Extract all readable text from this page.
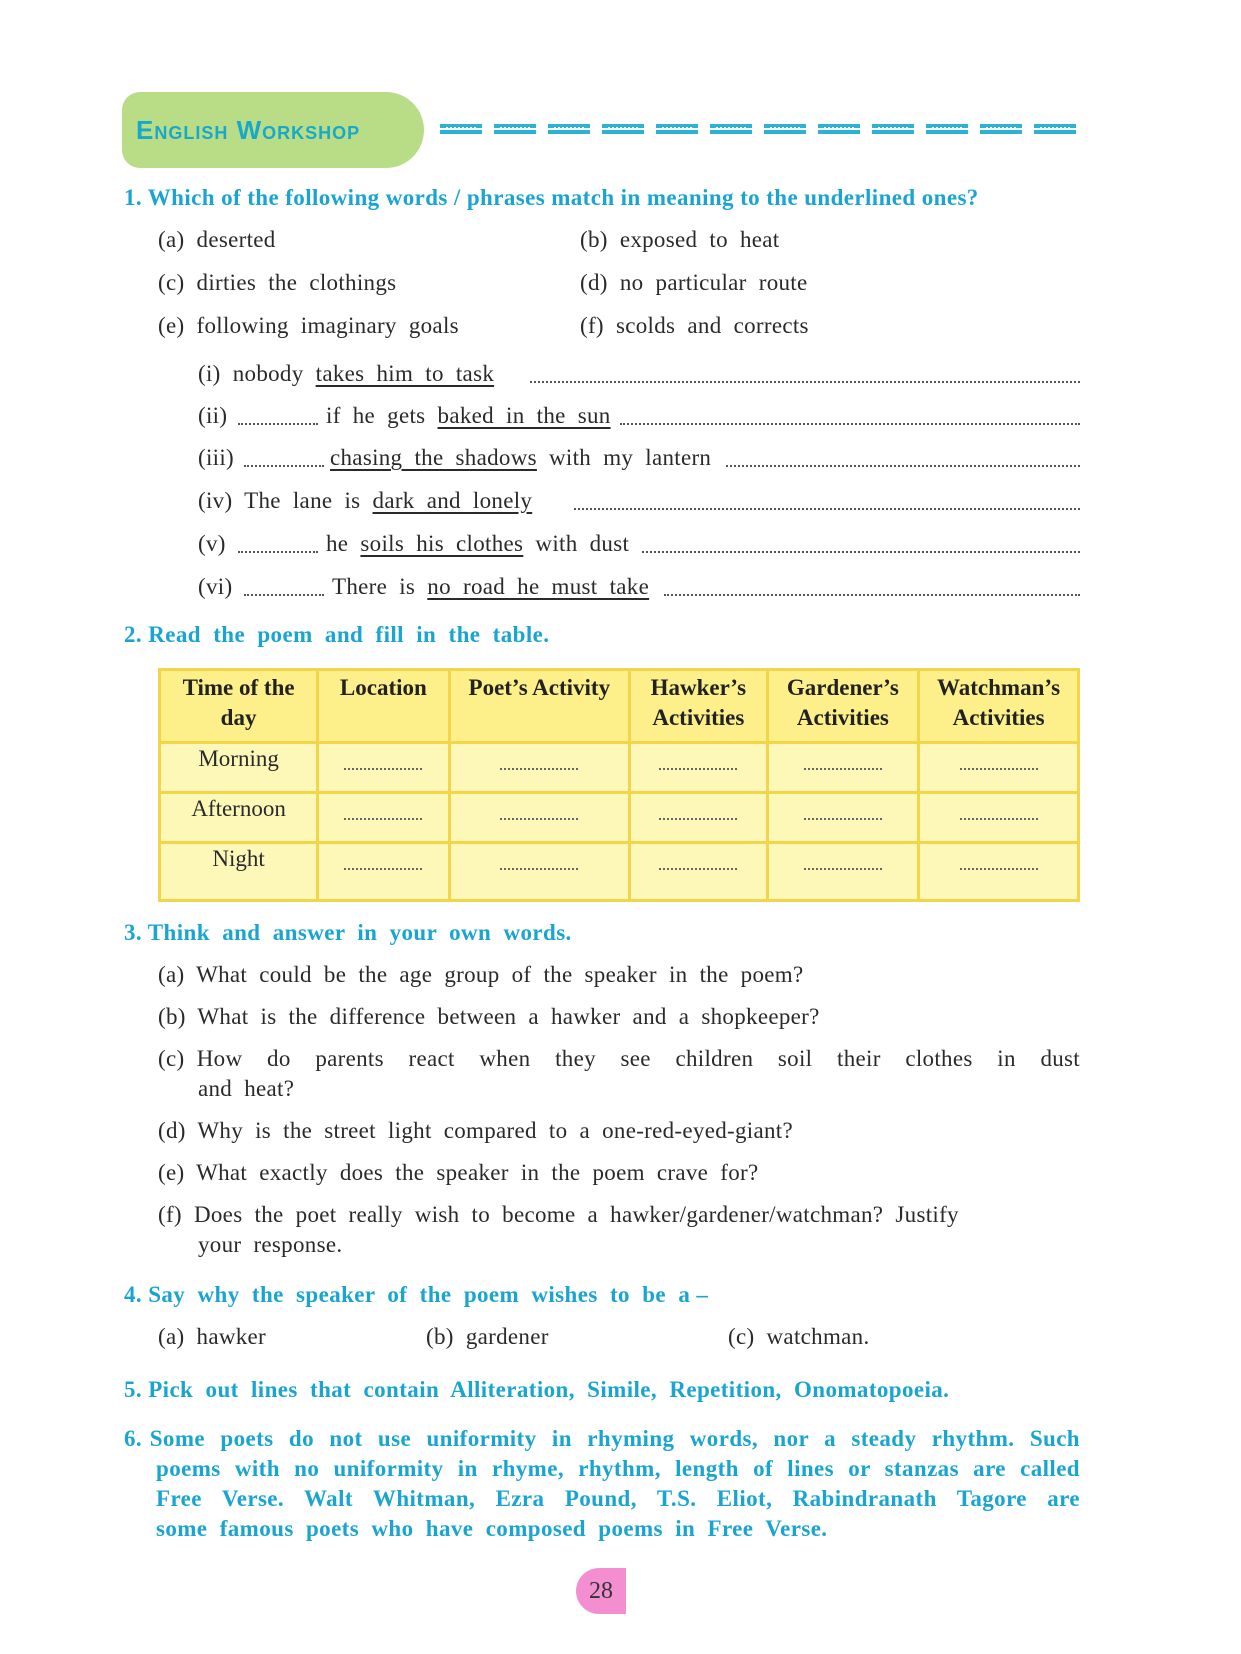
English Workshop
1. Which of the following words / phrases match in meaning to the underlined ones?
(a) deserted	(b) exposed  to  heat
(c) dirties  the  clothings	(d) no  particular  route
(e) following  imaginary  goals	(f) scolds  and  corrects
(i) nobody takes  him  to  task
(ii)	if  he  gets baked  in  the  sun
(iii)	chasing  the  shadows with  my  lantern
(iv) The  lane  is dark  and  lonely
(v)	he soils  his  clothes with  dust
(vi)	There  is no  road  he  must  take
2. Read  the  poem  and  fill  in  the  table.
Time of the day	Location	Poet’s Activity	Hawker’s Activities	Gardener’s Activities	Watchman’s Activities
Morning					
Afternoon					
Night					
3. Think  and  answer  in  your  own  words.
(a)  What  could  be  the  age  group  of  the  speaker  in  the  poem?
(b)  What  is  the  difference  between  a  hawker  and  a  shopkeeper?
(c) How  do  parents  react  when  they  see  children  soil  their  clothes  in  dust
and  heat?
(d)  Why  is  the  street  light  compared  to  a  one-red-eyed-giant?
(e)  What  exactly  does  the  speaker  in  the  poem  crave  for?
(f)  Does  the  poet  really  wish  to  become  a  hawker/gardener/watchman?  Justify
your  response.
4. Say  why  the  speaker  of  the  poem  wishes  to  be  a –
(a)  hawker	(b)  gardener	(c)  watchman.
5. Pick  out  lines  that  contain  Alliteration,  Simile,  Repetition,  Onomatopoeia.
6. Some  poets  do  not  use  uniformity  in  rhyming  words,  nor  a  steady  rhythm.  Such
poems  with  no  uniformity  in  rhyme,  rhythm,  length  of  lines  or  stanzas  are  called
Free  Verse.  Walt  Whitman,  Ezra  Pound,  T.S.  Eliot,  Rabindranath  Tagore  are
some  famous  poets  who  have  composed  poems  in  Free  Verse.
28
